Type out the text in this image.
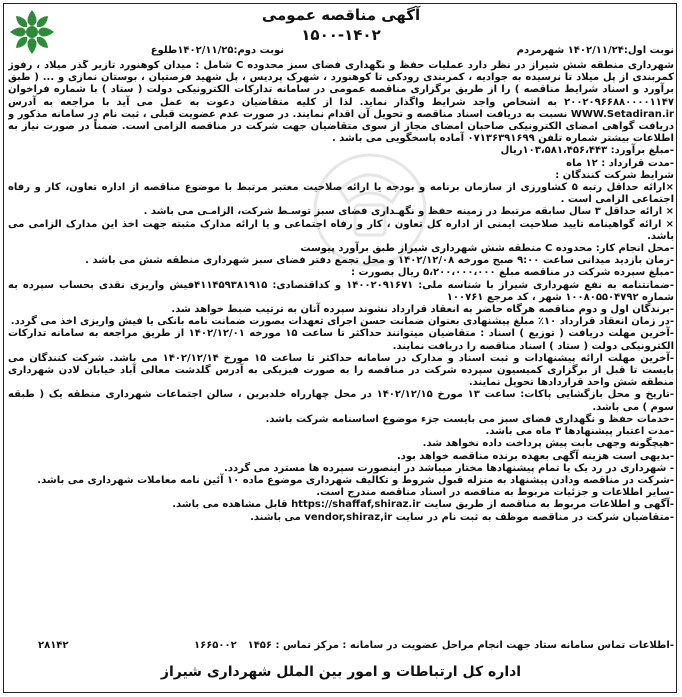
آگهی مناقصه عمومی
۱۵۰۰-۱۴۰۲
نوبت اول:۱۴۰۲/۱۱/۲۴ شهرمردم
نوبت دوم:۱۴۰۲/۱۱/۲۵طلوع

شهرداری منطقه شش شیراز در نظر دارد عملیات حفظ و نگهداری فضای سبز محدوده C شامل : میدان کوهنورد تازیر گذر میلاد ، رفوژ کمربندی از پل میلاد تا نرسیده به جوادیه ، کمربندی رودکی تا کوهنورد ، شهرک پردیس ، پل شهید فرصتیان ، بوستان نمازی و ... ( طبق برآورد و اسناد شرایط مناقصه ) را از طریق برگزاری مناقصه عمومی در سامانه تدارکات الکترونیکی دولت ( ستاد ) با شماره فراخوان ۲۰۰۲۰۹۶۶۸۸۰۰۰۰۱۱۴۷ به اشخاص واجد شرایط واگذار نماید. لذا از کلیه متقاضیان دعوت به عمل می آید با مراجعه به آدرس WWW.Setadiran.ir نسبت به دریافت اسناد مناقصه و تحویل آن اقدام نمایند. در صورت عدم عضویت قبلی ، ثبت نام در سامانه مذکور و دریافت گواهی امضای الکترونیکی صاحبان امضای مجاز از سوی متقاضیان جهت شرکت در مناقصه الزامی است. ضمناً در صورت نیاز به اطلاعات بیشتر شماره تلفن ۰۷۱۳۶۳۹۱۶۹۹ آماده پاسخگویی می باشد .

-مبلغ برآورد: ۱۰۳،۵۸۱،۴۵۶،۴۴۳ریال

-مدت قرارداد : ۱۲ ماه

شرایط شرکت کنندگان :

×ارائه حداقل رتبه ۵ کشاورزی از سازمان برنامه و بودجه یا ارائه صلاحیت معتبر مرتبط با موضوع مناقصه از اداره تعاون، کار و رفاه اجتماعی الزامی است .

× ارائه حداقل ۳ سال سابقه مرتبط در زمینه حفظ و نگهـداری فضای سبز توسـط شرکت، الزامـی می باشد .

× ارائه گواهینامه تایید صلاحیت ایمنی از اداره کل تعاون ، کار و رفاه اجتماعی و یا ارائه مدارک مثبته جهت اخذ این مدارک الزامی می باشد.

-محل انجام کار: محدوده C منطقه شش شهرداری شیراز طبق برآورد پیوست

-زمان بازدید میدانی ساعت ۹:۰۰ صبح مورخه ۱۴۰۲/۱۲/۰۸ و محل تجمع دفتر فضای سبز شهرداری منطقه شش می باشد .

-مبلغ سپرده شرکت در مناقصه مبلغ ۵،۲۰۰،۰۰۰،۰۰۰ ریال بصورت :

-ضمانتنامه به نفع شهرداری شیراز با شناسه ملی: ۱۴۰۰۲۰۹۱۶۷۱ و کداقتصادی: ۴۱۱۴۵۹۳۸۱۹۱۵فیش واریزی نقدی بحساب سپرده به شماره ۱۰۰۸۰۵۵۰۴۷۹۲ شهر ، کد مرجع ۱۰۰۷۶۱

-برندگان اول و دوم مناقصه هرگاه حاضر به انعقاد قرارداد نشوند سپرده آنان به ترتیب ضبط خواهد شد.

-در زمان انعقاد قرارداد ۱۰٪ مبلغ پیشنهادی بعنوان ضمانت حسن اجرای تعهدات بصورت ضمانت نامه بانکی یا فیش واریزی اخذ می گردد.

-آخرین مهلت دریافت ( توزیع ) اسناد : متقاضیان میتوانند حداکثر تا ساعت ۱۵ مورخه ۱۴۰۲/۱۲/۰۱ از طریق مراجعه به سامانه تدارکات الکترونیکی دولت ( ستاد ) اسناد مناقصه را دریافت نمایند.

-آخرین مهلت ارائه پیشنهادات و ثبت اسناد و مدارک در سامانه حداکثر تا ساعت ۱۵ مورخ ۱۴۰۲/۱۲/۱۴ می باشد. شرکت کنندگان می بایست تا قبل از برگزاری کمیسیون سپرده شرکت در مناقصه را به صورت فیزیکی به آدرس گلدشت معالی آباد خیابان لادن شهرداری منطقه شش واحد قراردادها تحویل نمایند.

-تاریخ و محل بازگشایی پاکات: ساعت ۱۳ مورخ ۱۴۰۲/۱۲/۱۵ در محل چهارراه خلدبرین ، سالن اجتماعات شهرداری منطقه یک ( طبقه سوم ) می باشد.

-خدمات حفظ و نگهداری فضای سبز می بایست جزء موضوع اساسنامه شرکت باشد.

-مدت اعتبار پیشنهادها ۳ ماه می باشد.

-هیچگونه وجهی بابت پیش پرداخت داده نخواهد شد.

-بدیهی است هزینه آگهی بعهده برنده مناقصه خواهد بود.

- شهرداری در رد یک یا تمام پیشنهادها مختار میباشد در اینصورت سپرده ها مسترد می گردد.

-شرکت در مناقصه ودادن پیشنهاد به منزله قبول شروط و تکالیف شهرداری موضوع ماده ۱۰ آئین نامه معاملات شهرداری می باشد.

-سایر اطلاعات و جزئیات مربوط به مناقصه در اسناد مناقصه مندرج است.

-آگهی و اطلاعات مربوط به مناقصه از طریق سایت https://shaffaf,shiraz.ir قابل مشاهده می باشد.

-متقاضیان شرکت در مناقصه موظف به ثبت نام در سایت vendor,shiraz,ir می باشند.

-اطلاعات تماس سامانه ستاد جهت انجام مراحل عضویت در سامانه : مرکز تماس : ۱۴۵۶
۱۶۶۵۰۰۲
۲۸۱۴۲
اداره کل ارتباطات و امور بین الملل شهرداری شیراز
